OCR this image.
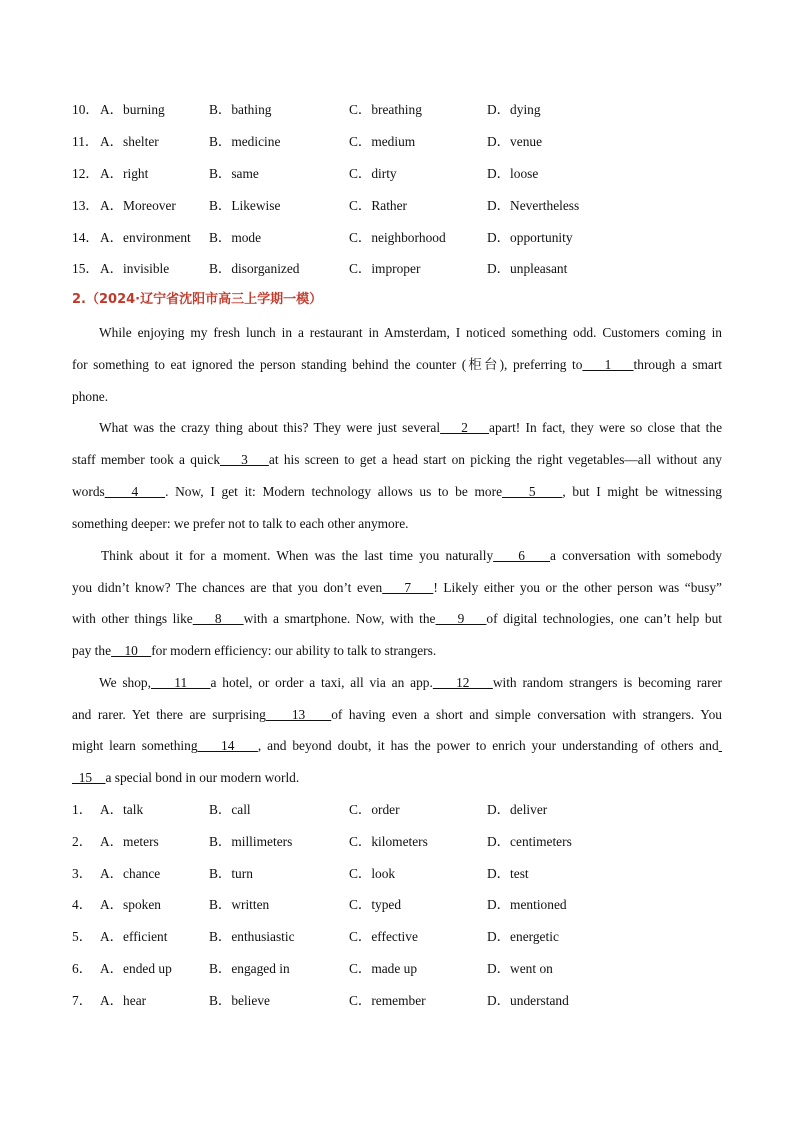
10． A．burning	B．bathing	C．breathing	D．dying
11． A．shelter	B．medicine	C．medium	D．venue
12． A．right	B．same	C．dirty	D．loose
13． A．Moreover B．Likewise	C．Rather	D．Nevertheless
14． A．environment B．mode	C．neighborhood	D．opportunity
15． A．invisible	B．disorganized	C．improper	D．unpleasant
2.（2024·辽宁省沈阳市高三上学期一模）
While enjoying my fresh lunch in a restaurant in Amsterdam, I noticed something odd. Customers coming in
for something to eat ignored the person standing behind the counter (柜台), preferring to    1    through a smart
phone.
What was the crazy thing about this? They were just several    2    apart! In fact, they were so close that the
staff member took a quick    3    at his screen to get a head start on picking the right vegetables—all without any
words    4    . Now, I get it: Modern technology allows us to be more    5    , but I might be witnessing
something deeper: we prefer not to talk to each other anymore.
Think about it for a moment. When was the last time you naturally    6    a conversation with somebody
you didn’t know? The chances are that you don’t even    7    ! Likely either you or the other person was “busy”
with other things like    8    with a smartphone. Now, with the    9    of digital technologies, one can’t help but
pay the    10    for modern efficiency: our ability to talk to strangers.
We shop,    11    a hotel, or order a taxi, all via an app.    12    with random strangers is becoming rarer
and rarer. Yet there are surprising    13    of having even a short and simple conversation with strangers. You
might learn something    14    , and beyond doubt, it has the power to enrich your understanding of others and
15    a special bond in our modern world.
1． A．talk	B．call	C．order	D．deliver
2． A．meters	B．millimeters	C．kilometers	D．centimeters
3． A．chance	B．turn	C．look	D．test
4． A．spoken	B．written	C．typed	D．mentioned
5． A．efficient	B．enthusiastic	C．effective	D．energetic
6． A．ended up	B．engaged in	C．made up	D．went on
7． A．hear	B．believe	C．remember	D．understand
